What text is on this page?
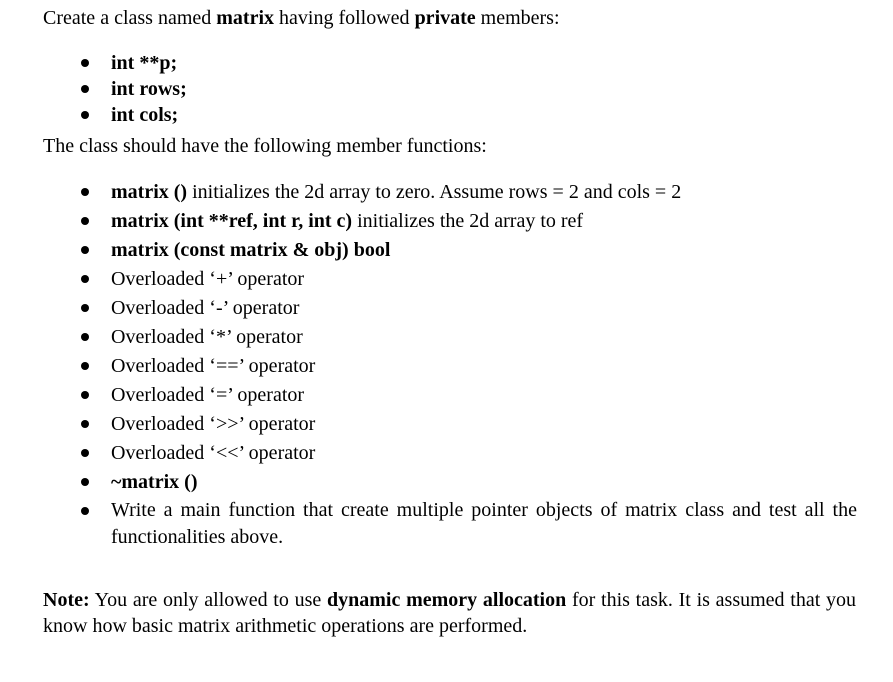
Create a class named matrix having followed private members:
int **p;
int rows;
int cols;
The class should have the following member functions:
matrix () initializes the 2d array to zero. Assume rows = 2 and cols = 2
matrix (int **ref, int r, int c) initializes the 2d array to ref
matrix (const matrix & obj) bool
Overloaded ‘+’ operator
Overloaded ‘-’ operator
Overloaded ‘*’ operator
Overloaded ‘==’ operator
Overloaded ‘=’ operator
Overloaded ‘>>’ operator
Overloaded ‘<<’ operator
~matrix ()
Write a main function that create multiple pointer objects of matrix class and test all the functionalities above.
Note: You are only allowed to use dynamic memory allocation for this task. It is assumed that you know how basic matrix arithmetic operations are performed.
